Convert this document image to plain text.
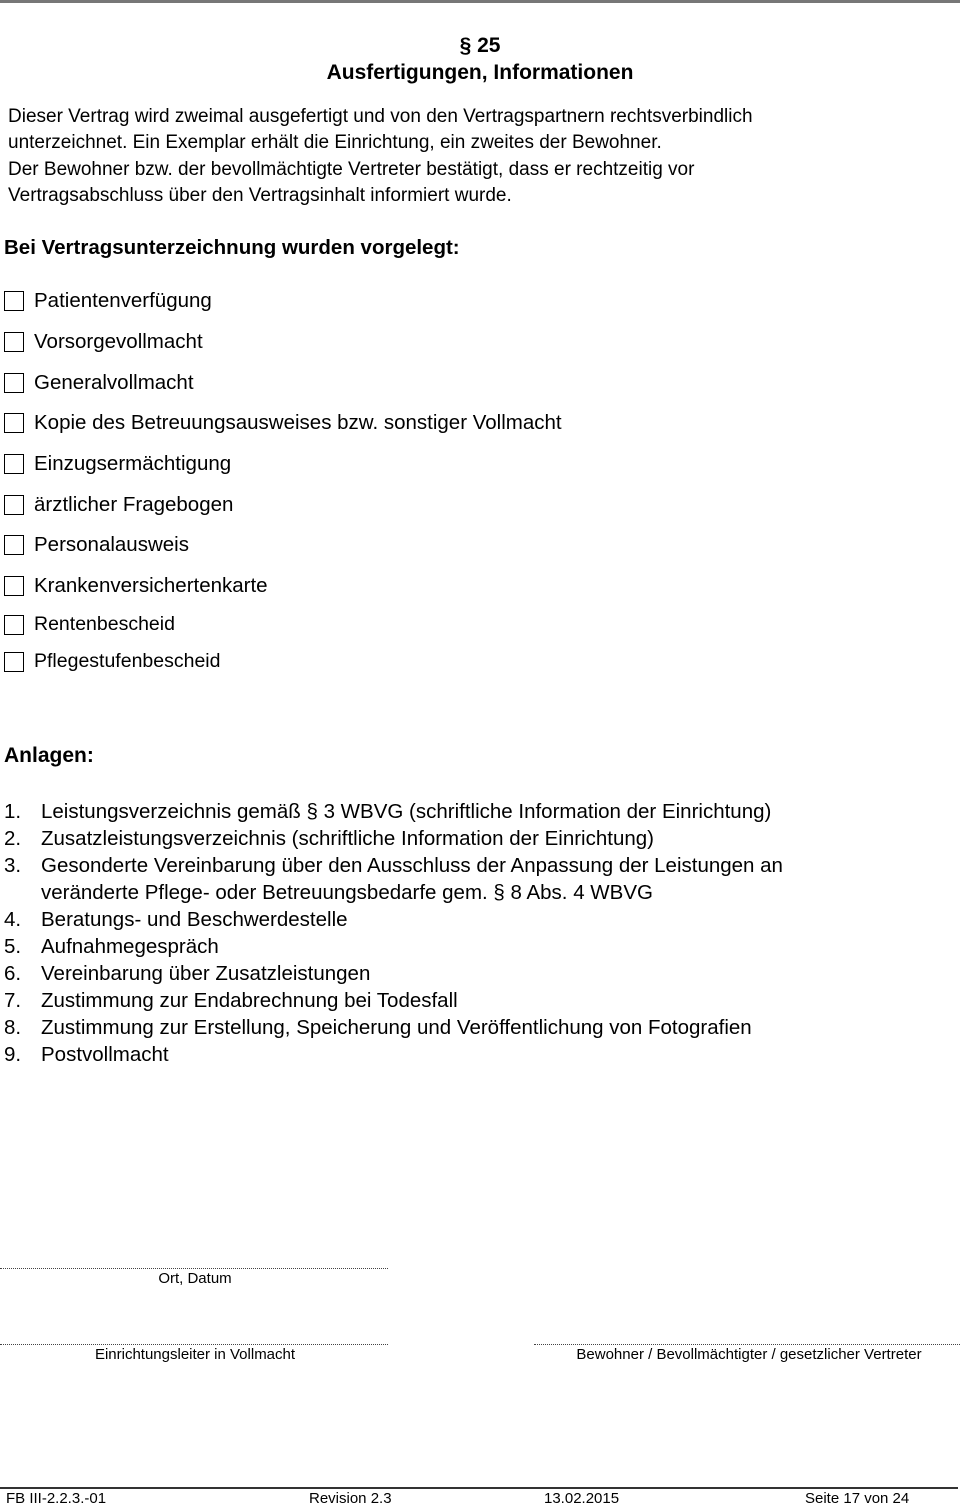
§ 25
Ausfertigungen, Informationen
Dieser Vertrag wird zweimal ausgefertigt und von den Vertragspartnern rechtsverbindlich
unterzeichnet. Ein Exemplar erhält die Einrichtung, ein zweites der Bewohner.
Der Bewohner bzw. der bevollmächtigte Vertreter bestätigt, dass er rechtzeitig vor
Vertragsabschluss über den Vertragsinhalt informiert wurde.
Bei Vertragsunterzeichnung wurden vorgelegt:
Patientenverfügung
Vorsorgevollmacht
Generalvollmacht
Kopie des Betreuungsausweises bzw. sonstiger Vollmacht
Einzugsermächtigung
ärztlicher Fragebogen
Personalausweis
Krankenversichertenkarte
Rentenbescheid
Pflegestufenbescheid
Anlagen:
1. Leistungsverzeichnis gemäß § 3 WBVG (schriftliche Information der Einrichtung)
2. Zusatzleistungsverzeichnis (schriftliche Information der Einrichtung)
3. Gesonderte Vereinbarung über den Ausschluss der Anpassung der Leistungen an
veränderte Pflege- oder Betreuungsbedarfe gem. § 8 Abs. 4 WBVG
4. Beratungs- und Beschwerdestelle
5. Aufnahmegespräch
6. Vereinbarung über Zusatzleistungen
7. Zustimmung zur Endabrechnung bei Todesfall
8. Zustimmung zur Erstellung, Speicherung und Veröffentlichung von Fotografien
9. Postvollmacht
Ort, Datum
Einrichtungsleiter in Vollmacht	Bewohner / Bevollmächtigter / gesetzlicher Vertreter
FB III-2.2.3.-01	Revision 2.3	13.02.2015	Seite 17 von 24
